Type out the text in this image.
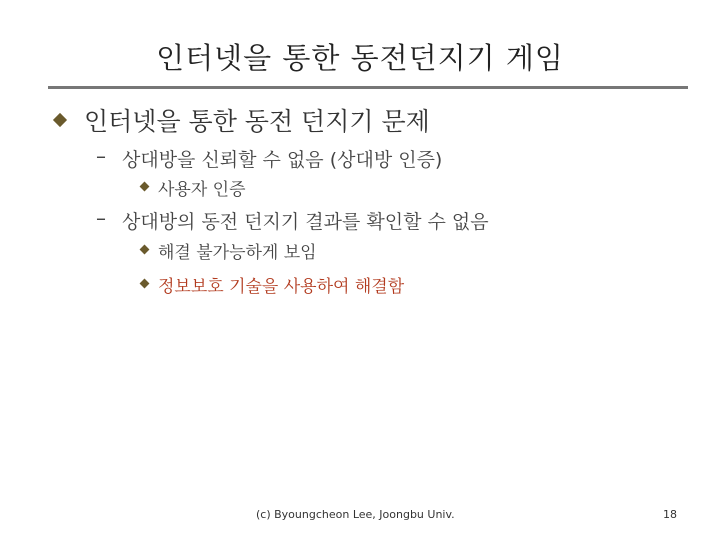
인터넷을 통한 동전던지기 게임
인터넷을 통한 동전 던지기 문제
– 상대방을 신뢰할 수 없음 (상대방 인증)
사용자 인증
– 상대방의 동전 던지기 결과를 확인할 수 없음
해결 불가능하게 보임
정보보호 기술을 사용하여 해결함
(c) Byoungcheon Lee, Joongbu Univ.	18
